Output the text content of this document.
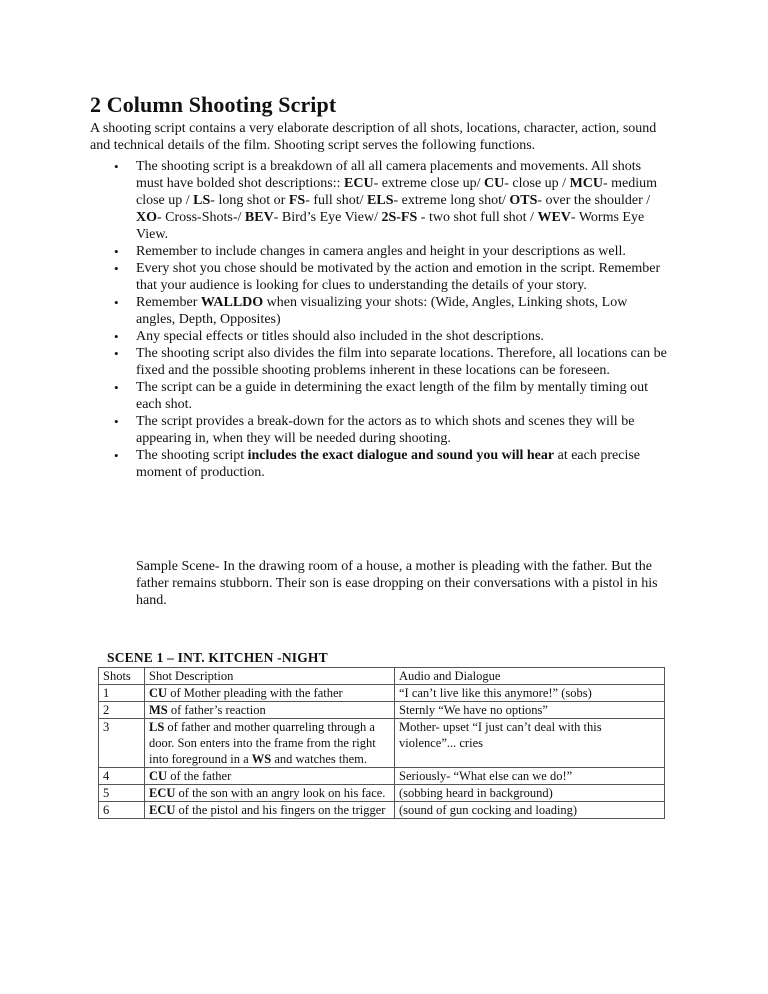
2 Column Shooting Script

A shooting script contains a very elaborate description of all shots, locations, character, action, sound and technical details of the film. Shooting script serves the following functions.

• The shooting script is a breakdown of all all camera placements and movements. All shots must have bolded shot descriptions:: ECU- extreme close up/ CU- close up / MCU- medium close up / LS- long shot or FS- full shot/ ELS- extreme long shot/ OTS- over the shoulder / XO- Cross-Shots-/ BEV- Bird’s Eye View/ 2S-FS - two shot full shot / WEV- Worms Eye View.
• Remember to include changes in camera angles and height in your descriptions as well.
• Every shot you chose should be motivated by the action and emotion in the script. Remember that your audience is looking for clues to understanding the details of your story.
• Remember WALLDO when visualizing your shots: (Wide, Angles, Linking shots, Low angles, Depth, Opposites)
• Any special effects or titles should also included in the shot descriptions.
• The shooting script also divides the film into separate locations. Therefore, all locations can be fixed and the possible shooting problems inherent in these locations can be foreseen.
• The script can be a guide in determining the exact length of the film by mentally timing out each shot.
• The script provides a break-down for the actors as to which shots and scenes they will be appearing in, when they will be needed during shooting.
• The shooting script includes the exact dialogue and sound you will hear at each precise moment of production.

Sample Scene- In the drawing room of a house, a mother is pleading with the father. But the father remains stubborn. Their son is ease dropping on their conversations with a pistol in his hand.

SCENE 1 – INT. KITCHEN -NIGHT
Shots	Shot Description	Audio and Dialogue
1	CU of Mother pleading with the father	“I can’t live like this anymore!” (sobs)
2	MS of father’s reaction	Sternly “We have no options”
3	LS of father and mother quarreling through a door. Son enters into the frame from the right into foreground in a WS and watches them.	Mother- upset “I just can’t deal with this violence”... cries
4	CU of the father	Seriously- “What else can we do!”
5	ECU of the son with an angry look on his face.	(sobbing heard in background)
6	ECU of the pistol and his fingers on the trigger	(sound of gun cocking and loading)
